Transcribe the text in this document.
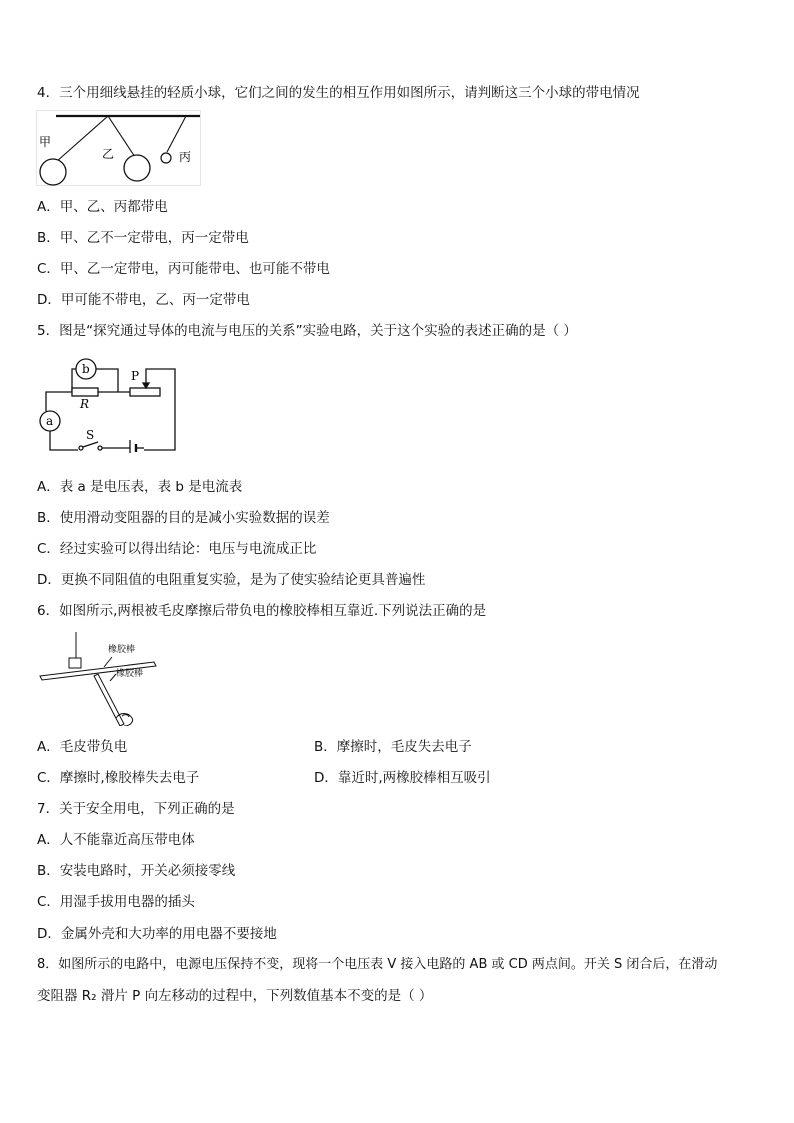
4．三个用细线悬挂的轻质小球，它们之间的发生的相互作用如图所示，请判断这三个小球的带电情况
甲
乙	丙
A．甲、乙、丙都带电
B．甲、乙不一定带电，丙一定带电
C．甲、乙一定带电，丙可能带电、也可能不带电
D．甲可能不带电，乙、丙一定带电
5．图是“探究通过导体的电流与电压的关系”实验电路，关于这个实验的表述正确的是（ ）
b	P
R
a
S
A．表 a 是电压表，表 b 是电流表
B．使用滑动变阻器的目的是减小实验数据的误差
C．经过实验可以得出结论：电压与电流成正比
D．更换不同阻值的电阻重复实验，是为了使实验结论更具普遍性
6．如图所示,两根被毛皮摩擦后带负电的橡胶棒相互靠近.下列说法正确的是
橡胶棒
橡胶棒
A．毛皮带负电	B．摩擦时，毛皮失去电子
C．摩擦时,橡胶棒失去电子	D．靠近时,两橡胶棒相互吸引
7．关于安全用电，下列正确的是
A．人不能靠近高压带电体
B．安装电路时，开关必须接零线
C．用湿手拔用电器的插头
D．金属外壳和大功率的用电器不要接地
8．如图所示的电路中，电源电压保持不变，现将一个电压表 V 接入电路的 AB 或 CD 两点间。开关 S 闭合后，在滑动
变阻器 R₂ 滑片 P 向左移动的过程中，下列数值基本不变的是（ ）
